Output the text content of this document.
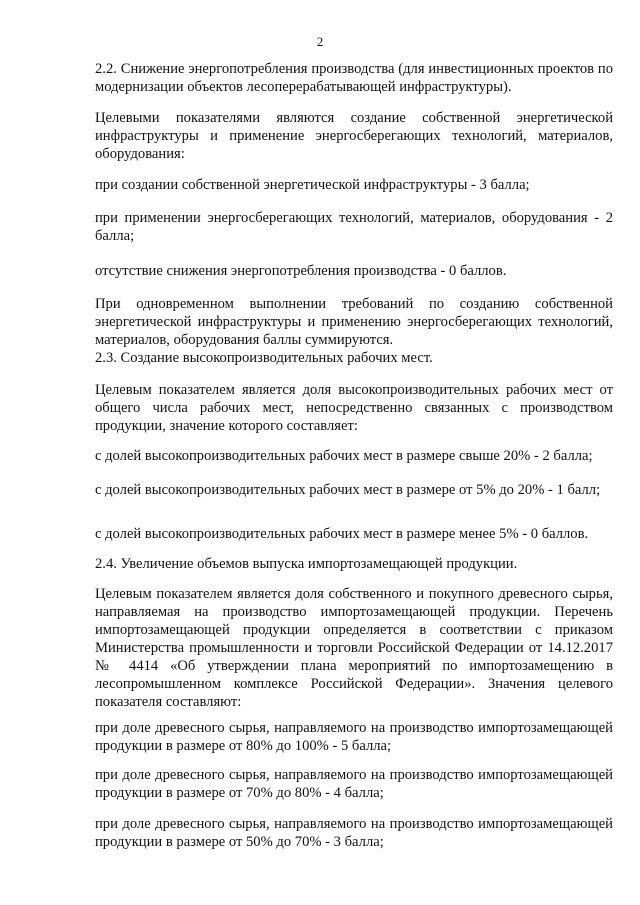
2

2.2. Снижение энергопотребления производства (для инвестиционных проектов по модернизации объектов лесоперерабатывающей инфраструктуры).

Целевыми показателями являются создание собственной энергетической инфраструктуры и применение энергосберегающих технологий, материалов, оборудования:

при создании собственной энергетической инфраструктуры - 3 балла;

при применении энергосберегающих технологий, материалов, оборудования - 2 балла;

отсутствие снижения энергопотребления производства - 0 баллов.

При одновременном выполнении требований по созданию собственной энергетической инфраструктуры и применению энергосберегающих технологий, материалов, оборудования баллы суммируются.

2.3. Создание высокопроизводительных рабочих мест.

Целевым показателем является доля высокопроизводительных рабочих мест от общего числа рабочих мест, непосредственно связанных с производством продукции, значение которого составляет:

с долей высокопроизводительных рабочих мест в размере свыше 20% - 2 балла;

с долей высокопроизводительных рабочих мест в размере от 5% до 20% - 1 балл;

с долей высокопроизводительных рабочих мест в размере менее 5% - 0 баллов.

2.4. Увеличение объемов выпуска импортозамещающей продукции.

Целевым показателем является доля собственного и покупного древесного сырья, направляемая на производство импортозамещающей продукции. Перечень импортозамещающей продукции определяется в соответствии с приказом Министерства промышленности и торговли Российской Федерации от 14.12.2017 № 4414 «Об утверждении плана мероприятий по импортозамещению в лесопромышленном комплексе Российской Федерации». Значения целевого показателя составляют:

при доле древесного сырья, направляемого на производство импортозамещающей продукции в размере от 80% до 100% - 5 балла;

при доле древесного сырья, направляемого на производство импортозамещающей продукции в размере от 70% до 80% - 4 балла;

при доле древесного сырья, направляемого на производство импортозамещающей продукции в размере от 50% до 70% - 3 балла;
